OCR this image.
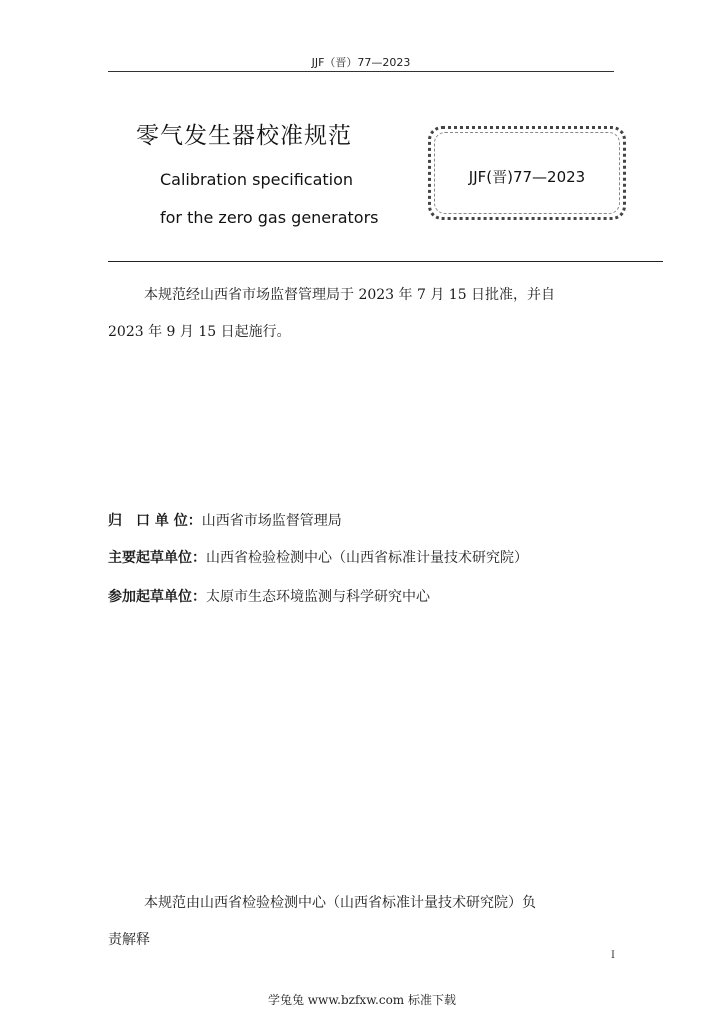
JJF（晋）77—2023
零气发生器校准规范
Calibration specification
for the zero gas generators
JJF(晋)77—2023
本规范经山西省市场监督管理局于 2023 年 7 月 15 日批准，并自
2023 年 9 月 15 日起施行。
归　口 单 位：山西省市场监督管理局
主要起草单位：山西省检验检测中心（山西省标准计量技术研究院）
参加起草单位：太原市生态环境监测与科学研究中心
本规范由山西省检验检测中心（山西省标准计量技术研究院）负
责解释
I
学兔兔 www.bzfxw.com 标准下载
